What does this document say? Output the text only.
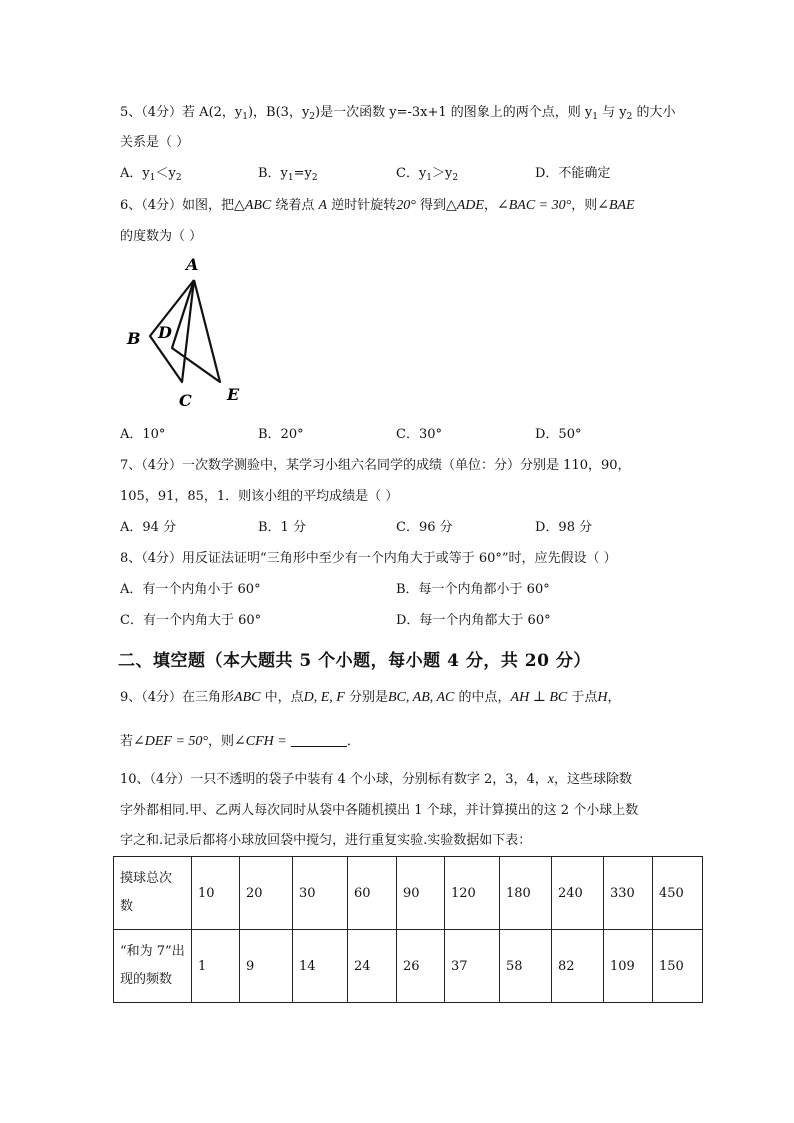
5、（4分）若 A(2，$y_1$)，B(3，$y_2$)是一次函数 y=-3x+1 的图象上的两个点，则 $y_1$ 与 $y_2$ 的大小
关系是（ ）
A．$y_1<y_2$	B．$y_1=y_2$	C．$y_1>y_2$	D．不能确定
6、（4分）如图，把△ABC 绕着点 A 逆时针旋转20° 得到△ADE，∠BAC = 30°，则∠BAE
的度数为（ ）
A
B D
C E
A．10°	B．20°	C．30°	D．50°
7、（4分）一次数学测验中，某学习小组六名同学的成绩（单位：分）分别是 110，90，
105，91，85，1．则该小组的平均成绩是（ ）
A．94 分	B．1 分	C．96 分	D．98 分
8、（4分）用反证法证明“三角形中至少有一个内角大于或等于 60°”时，应先假设（ ）
A．有一个内角小于 60°	B．每一个内角都小于 60°
C．有一个内角大于 60°	D．每一个内角都大于 60°
二、填空题（本大题共 5 个小题，每小题 4 分，共 20 分）
9、（4分）在三角形ABC 中，点D, E, F 分别是BC, AB, AC 的中点，AH ⊥ BC 于点H，
若∠DEF = 50°，则∠CFH =	．
10、（4分）一只不透明的袋子中装有 4 个小球，分别标有数字 2，3，4，x，这些球除数
字外都相同.甲、乙两人每次同时从袋中各随机摸出 1 个球，并计算摸出的这 2 个小球上数
字之和.记录后都将小球放回袋中搅匀，进行重复实验.实验数据如下表：
摸球总次
数	10	20	30	60	90	120	180	240	330	450
“和为 7”出
现的频数	1	9	14	24	26	37	58	82	109	150
